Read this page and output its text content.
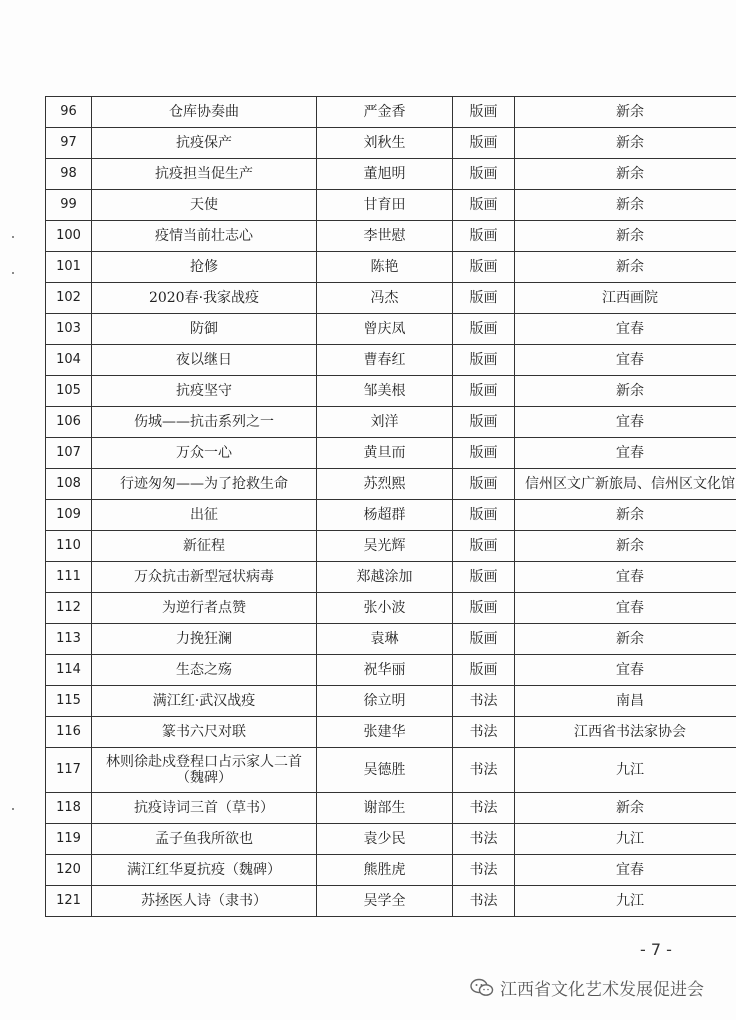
96	仓库协奏曲	严金香	版画	新余
97	抗疫保产	刘秋生	版画	新余
98	抗疫担当促生产	董旭明	版画	新余
99	天使	甘育田	版画	新余
100	疫情当前壮志心	李世慰	版画	新余
101	抢修	陈艳	版画	新余
102	2020春·我家战疫	冯杰	版画	江西画院
103	防御	曾庆凤	版画	宜春
104	夜以继日	曹春红	版画	宜春
105	抗疫坚守	邹美根	版画	新余
106	伤城——抗击系列之一	刘洋	版画	宜春
107	万众一心	黄旦而	版画	宜春
108	行迹匆匆——为了抢救生命	苏烈熙	版画	信州区文广新旅局、信州区文化馆
109	出征	杨超群	版画	新余
110	新征程	吴光辉	版画	新余
111	万众抗击新型冠状病毒	郑越涂加	版画	宜春
112	为逆行者点赞	张小波	版画	宜春
113	力挽狂澜	袁琳	版画	新余
114	生态之殇	祝华丽	版画	宜春
115	满江红·武汉战疫	徐立明	书法	南昌
116	篆书六尺对联	张建华	书法	江西省书法家协会
117	林则徐赴戍登程口占示家人二首（魏碑）	吴德胜	书法	九江
118	抗疫诗词三首（草书）	谢部生	书法	新余
119	孟子鱼我所欲也	袁少民	书法	九江
120	满江红华夏抗疫（魏碑）	熊胜虎	书法	宜春
121	苏拯医人诗（隶书）	吴学全	书法	九江
- 7 -
江西省文化艺术发展促进会
